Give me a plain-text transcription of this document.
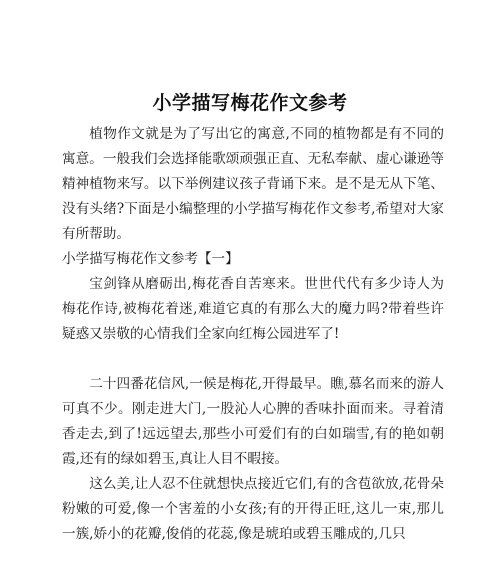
小学描写梅花作文参考

植物作文就是为了写出它的寓意,不同的植物都是有不同的寓意。一般我们会选择能歌颂顽强正直、无私奉献、虚心谦逊等精神植物来写。以下举例建议孩子背诵下来。是不是无从下笔、没有头绪?下面是小编整理的小学描写梅花作文参考,希望对大家有所帮助。

小学描写梅花作文参考【一】

宝剑锋从磨砺出,梅花香自苦寒来。世世代代有多少诗人为梅花作诗,被梅花着迷,难道它真的有那么大的魔力吗?带着些许疑惑又崇敬的心情我们全家向红梅公园进军了!

二十四番花信风,一候是梅花,开得最早。瞧,慕名而来的游人可真不少。刚走进大门,一股沁人心脾的香味扑面而来。寻着清香走去,到了!远远望去,那些小可爱们有的白如瑞雪,有的艳如朝霞,还有的绿如碧玉,真让人目不暇接。

这么美,让人忍不住就想快点接近它们,有的含苞欲放,花骨朵粉嫩的可爱,像一个害羞的小女孩;有的开得正旺,这儿一束,那儿一簇,娇小的花瓣,俊俏的花蕊,像是琥珀或碧玉雕成的,几只
